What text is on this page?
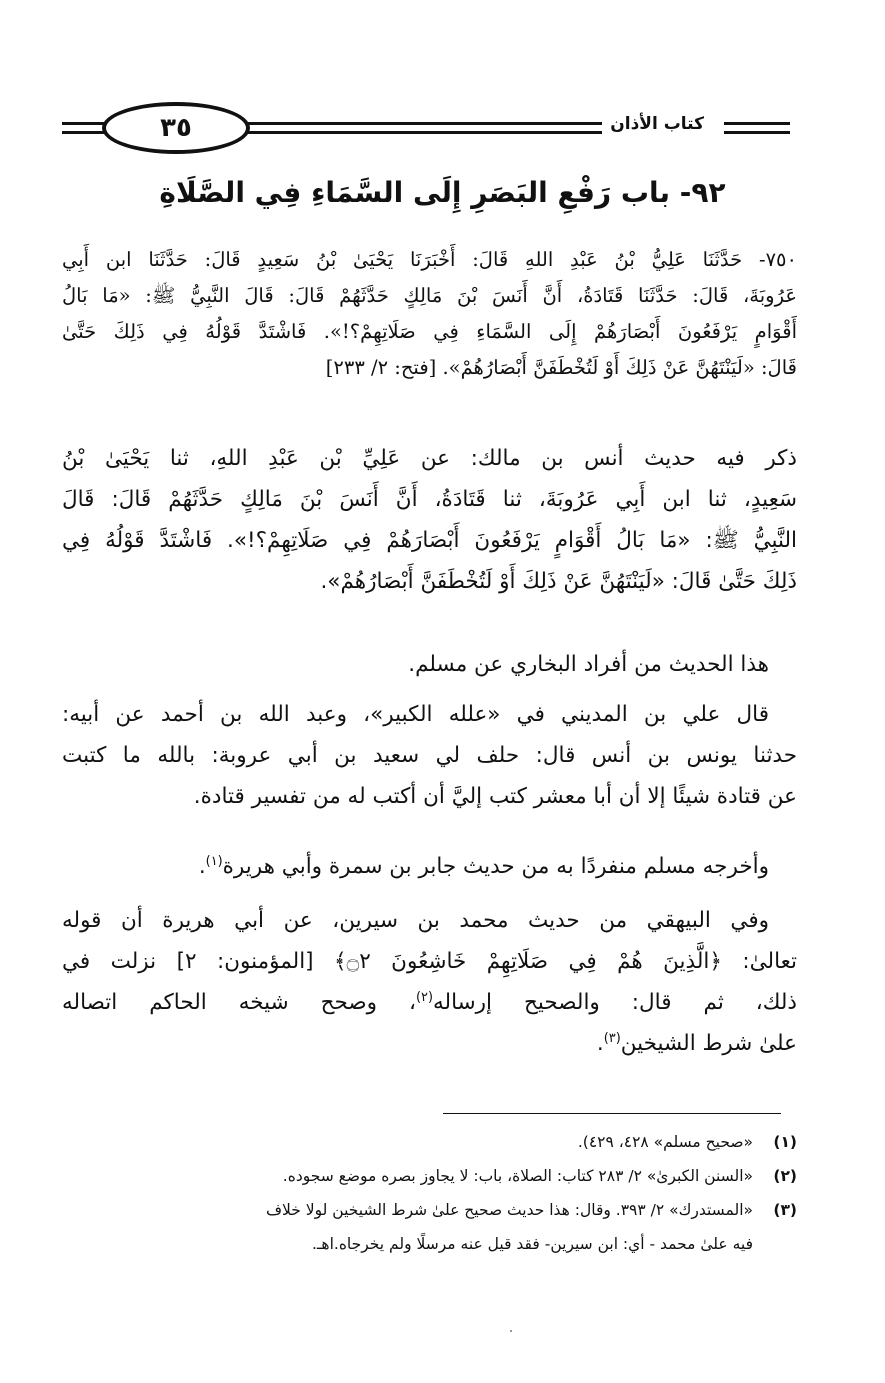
٣٥	كتاب الأذان
٩٢- باب رَفْعِ البَصَرِ إِلَى السَّمَاءِ فِي الصَّلَاةِ
٧٥٠- حَدَّثَنَا عَلِيُّ بْنُ عَبْدِ اللهِ قَالَ: أَخْبَرَنَا يَحْيَىٰ بْنُ سَعِيدٍ قَالَ: حَدَّثَنَا ابن أَبِي
عَرُوبَةَ، قَالَ: حَدَّثَنَا قَتَادَةُ، أَنَّ أَنَسَ بْنَ مَالِكٍ حَدَّثَهُمْ قَالَ: قَالَ النَّبِيُّ ﷺ: «مَا بَالُ
أَقْوَامٍ يَرْفَعُونَ أَبْصَارَهُمْ إِلَى السَّمَاءِ فِي صَلَاتِهِمْ؟!». فَاشْتَدَّ قَوْلُهُ فِي ذَلِكَ حَتَّىٰ
قَالَ: «لَيَنْتَهُنَّ عَنْ ذَلِكَ أَوْ لَتُخْطَفَنَّ أَبْصَارُهُمْ». [فتح: ٢/ ٢٣٣]
ذكر فيه حديث أنس بن مالك: عن عَلِيِّ بْن عَبْدِ اللهِ، ثنا يَحْيَىٰ بْنُ
سَعِيدٍ، ثنا ابن أَبِي عَرُوبَةَ، ثنا قَتَادَةُ، أَنَّ أَنَسَ بْنَ مَالِكٍ حَدَّثَهُمْ قَالَ: قَالَ
النَّبِيُّ ﷺ: «مَا بَالُ أَقْوَامٍ يَرْفَعُونَ أَبْصَارَهُمْ فِي صَلَاتِهِمْ؟!». فَاشْتَدَّ قَوْلُهُ فِي
ذَلِكَ حَتَّىٰ قَالَ: «لَيَنْتَهُنَّ عَنْ ذَلِكَ أَوْ لَتُخْطَفَنَّ أَبْصَارُهُمْ».
هذا الحديث من أفراد البخاري عن مسلم.
قال علي بن المديني في «علله الكبير»، وعبد الله بن أحمد عن أبيه:
حدثنا يونس بن أنس قال: حلف لي سعيد بن أبي عروبة: بالله ما كتبت
عن قتادة شيئًا إلا أن أبا معشر كتب إليَّ أن أكتب له من تفسير قتادة.
وأخرجه مسلم منفردًا به من حديث جابر بن سمرة وأبي هريرة$^{(١)}$.
وفي البيهقي من حديث محمد بن سيرين، عن أبي هريرة أن قوله
تعالىٰ: ﴿الَّذِينَ هُمْ فِي صَلَاتِهِمْ خَاشِعُونَ ۝٢﴾ [المؤمنون: ٢] نزلت في
ذلك، ثم قال: والصحيح إرساله$^{(٢)}$، وصحح شيخه الحاكم اتصاله
علىٰ شرط الشيخين$^{(٣)}$.
(١)
«صحيح مسلم» ٤٢٨، ٤٢٩).
(٢)
«السنن الكبرىٰ» ٢/ ٢٨٣ كتاب: الصلاة، باب: لا يجاوز بصره موضع سجوده.
(٣)
«المستدرك» ٢/ ٣٩٣. وقال: هذا حديث صحيح علىٰ شرط الشيخين لولا خلاف
فيه علىٰ محمد - أي: ابن سيرين- فقد قيل عنه مرسلًا ولم يخرجاه.اهـ.
